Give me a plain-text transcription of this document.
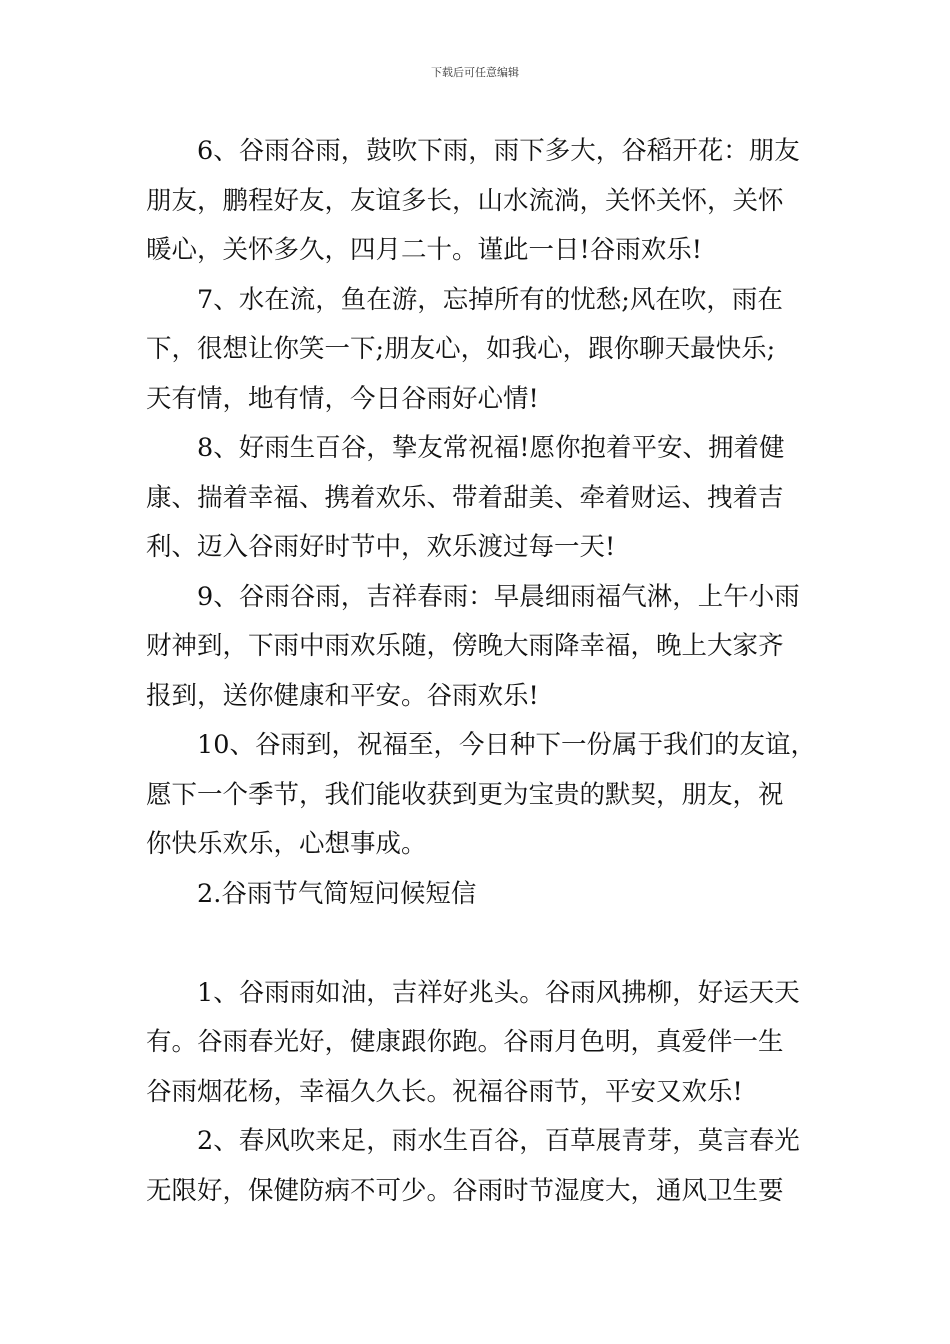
下载后可任意编辑
6、谷雨谷雨，鼓吹下雨，雨下多大，谷稻开花：朋友
朋友，鹏程好友，友谊多长，山水流淌，关怀关怀，关怀
暖心，关怀多久，四月二十。谨此一日!谷雨欢乐!
7、水在流，鱼在游，忘掉所有的忧愁;风在吹，雨在
下，很想让你笑一下;朋友心，如我心，跟你聊天最快乐;
天有情，地有情，今日谷雨好心情!
8、好雨生百谷，挚友常祝福!愿你抱着平安、拥着健
康、揣着幸福、携着欢乐、带着甜美、牵着财运、拽着吉
利、迈入谷雨好时节中，欢乐渡过每一天!
9、谷雨谷雨，吉祥春雨：早晨细雨福气淋，上午小雨
财神到，下雨中雨欢乐随，傍晚大雨降幸福，晚上大家齐
报到，送你健康和平安。谷雨欢乐!
10、谷雨到，祝福至，今日种下一份属于我们的友谊，
愿下一个季节，我们能收获到更为宝贵的默契，朋友，祝
你快乐欢乐，心想事成。
2.谷雨节气简短问候短信
1、谷雨雨如油，吉祥好兆头。谷雨风拂柳，好运天天
有。谷雨春光好，健康跟你跑。谷雨月色明，真爱伴一生
谷雨烟花杨，幸福久久长。祝福谷雨节，平安又欢乐!
2、春风吹来足，雨水生百谷，百草展青芽，莫言春光
无限好，保健防病不可少。谷雨时节湿度大，通风卫生要
